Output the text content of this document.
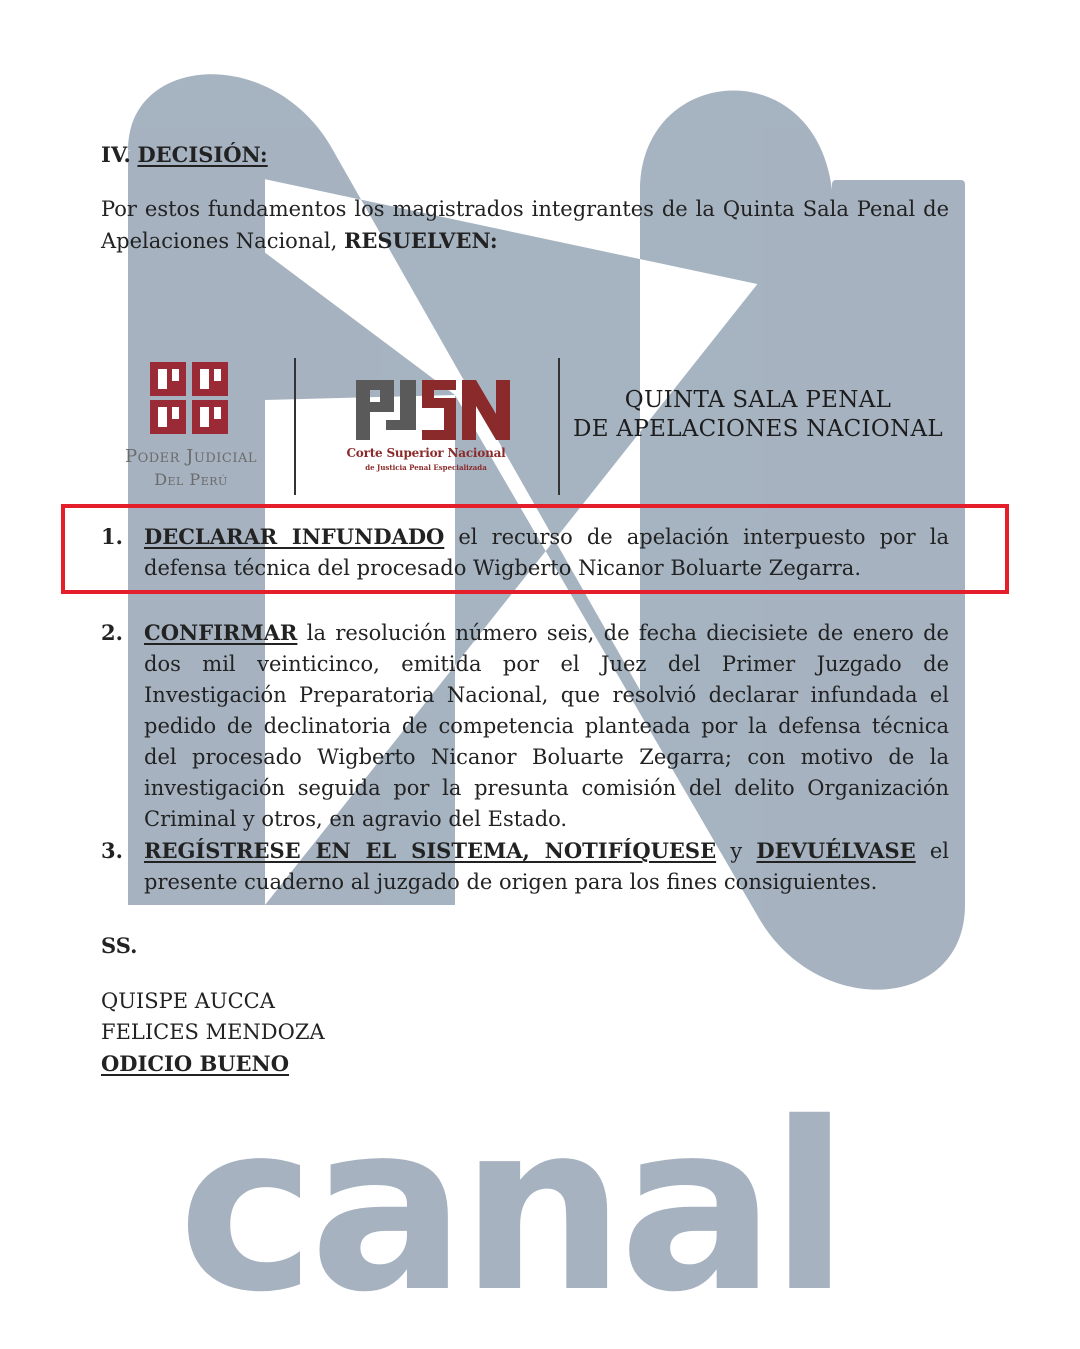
canal
IV. DECISIÓN:
Por estos fundamentos los magistrados integrantes de la Quinta Sala Penal de Apelaciones Nacional, RESUELVEN:
Poder Judicial
Del Perú
Corte Superior Nacional
de Justicia Penal Especializada
QUINTA SALA PENAL
DE APELACIONES NACIONAL
1. DECLARAR INFUNDADO el recurso de apelación interpuesto por la defensa técnica del procesado Wigberto Nicanor Boluarte Zegarra.
2. CONFIRMAR la resolución número seis, de fecha diecisiete de enero de dos mil veinticinco, emitida por el Juez del Primer Juzgado de Investigación Preparatoria Nacional, que resolvió declarar infundada el pedido de declinatoria de competencia planteada por la defensa técnica del procesado Wigberto Nicanor Boluarte Zegarra; con motivo de la investigación seguida por la presunta comisión del delito Organización Criminal y otros, en agravio del Estado.
3. REGÍSTRESE EN EL SISTEMA, NOTIFÍQUESE y DEVUÉLVASE el presente cuaderno al juzgado de origen para los fines consiguientes.
SS.
QUISPE AUCCA
FELICES MENDOZA
ODICIO BUENO
